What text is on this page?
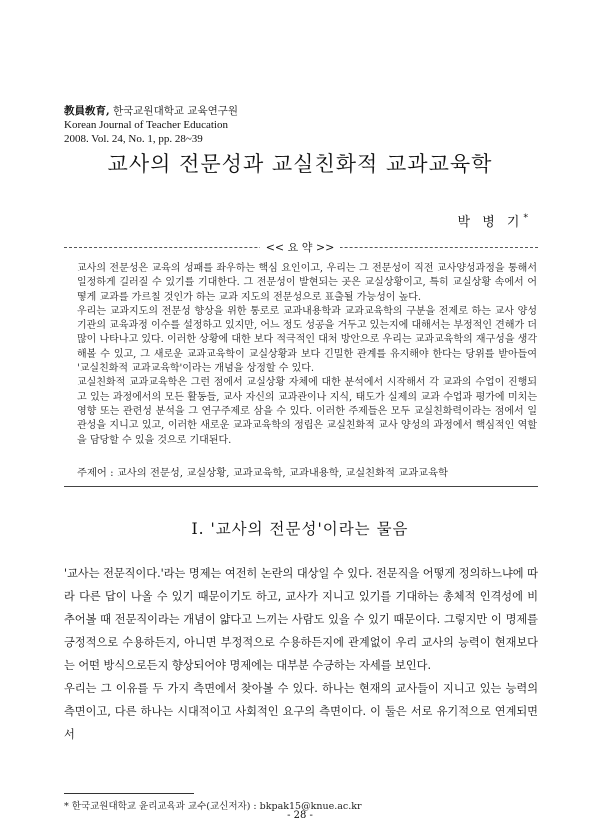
教員敎育, 한국교원대학교 교육연구원
Korean Journal of Teacher Education
2008. Vol. 24, No. 1, pp. 28~39
교사의 전문성과 교실친화적 교과교육학
박 병 기*
<< 요 약 >>

교사의 전문성은 교육의 성패를 좌우하는 핵심 요인이고, 우리는 그 전문성이 직전 교사양성과정을 통해서 일정하게 길러질 수 있기를 기대한다. 그 전문성이 발현되는 곳은 교실상황이고, 특히 교실상황 속에서 어떻게 교과를 가르칠 것인가 하는 교과 지도의 전문성으로 표출될 가능성이 높다.

우리는 교과지도의 전문성 향상을 위한 통로로 교과내용학과 교과교육학의 구분을 전제로 하는 교사 양성기관의 교육과정 이수를 설정하고 있지만, 어느 정도 성공을 거두고 있는지에 대해서는 부정적인 견해가 더 많이 나타나고 있다. 이러한 상황에 대한 보다 적극적인 대처 방안으로 우리는 교과교육학의 재구성을 생각해볼 수 있고, 그 새로운 교과교육학이 교실상황과 보다 긴밀한 관계를 유지해야 한다는 당위를 받아들여 '교실친화적 교과교육학'이라는 개념을 상정할 수 있다.

교실친화적 교과교육학은 그런 점에서 교실상황 자체에 대한 분석에서 시작해서 각 교과의 수업이 진행되고 있는 과정에서의 모든 활동들, 교사 자신의 교과관이나 지식, 태도가 실제의 교과 수업과 평가에 미치는 영향 또는 관련성 분석을 그 연구주제로 삼을 수 있다. 이러한 주제들은 모두 교실친화력이라는 점에서 일관성을 지니고 있고, 이러한 새로운 교과교육학의 정립은 교실친화적 교사 양성의 과정에서 핵심적인 역할을 담당할 수 있을 것으로 기대된다.

주제어 : 교사의 전문성, 교실상황, 교과교육학, 교과내용학, 교실친화적 교과교육학
Ⅰ. '교사의 전문성'이라는 물음

'교사는 전문직이다.'라는 명제는 여전히 논란의 대상일 수 있다. 전문직을 어떻게 정의하느냐에 따라 다른 답이 나올 수 있기 때문이기도 하고, 교사가 지니고 있기를 기대하는 총체적 인격성에 비추어볼 때 전문직이라는 개념이 얇다고 느끼는 사람도 있을 수 있기 때문이다. 그렇지만 이 명제를 긍정적으로 수용하든지, 아니면 부정적으로 수용하든지에 관계없이 우리 교사의 능력이 현재보다는 어떤 방식으로든지 향상되어야 명제에는 대부분 수긍하는 자세를 보인다.

우리는 그 이유를 두 가지 측면에서 찾아볼 수 있다. 하나는 현재의 교사들이 지니고 있는 능력의 측면이고, 다른 하나는 시대적이고 사회적인 요구의 측면이다. 이 둘은 서로 유기적으로 연계되면서

* 한국교원대학교 윤리교육과 교수(교신저자) : bkpak15@knue.ac.kr
- 28 -
